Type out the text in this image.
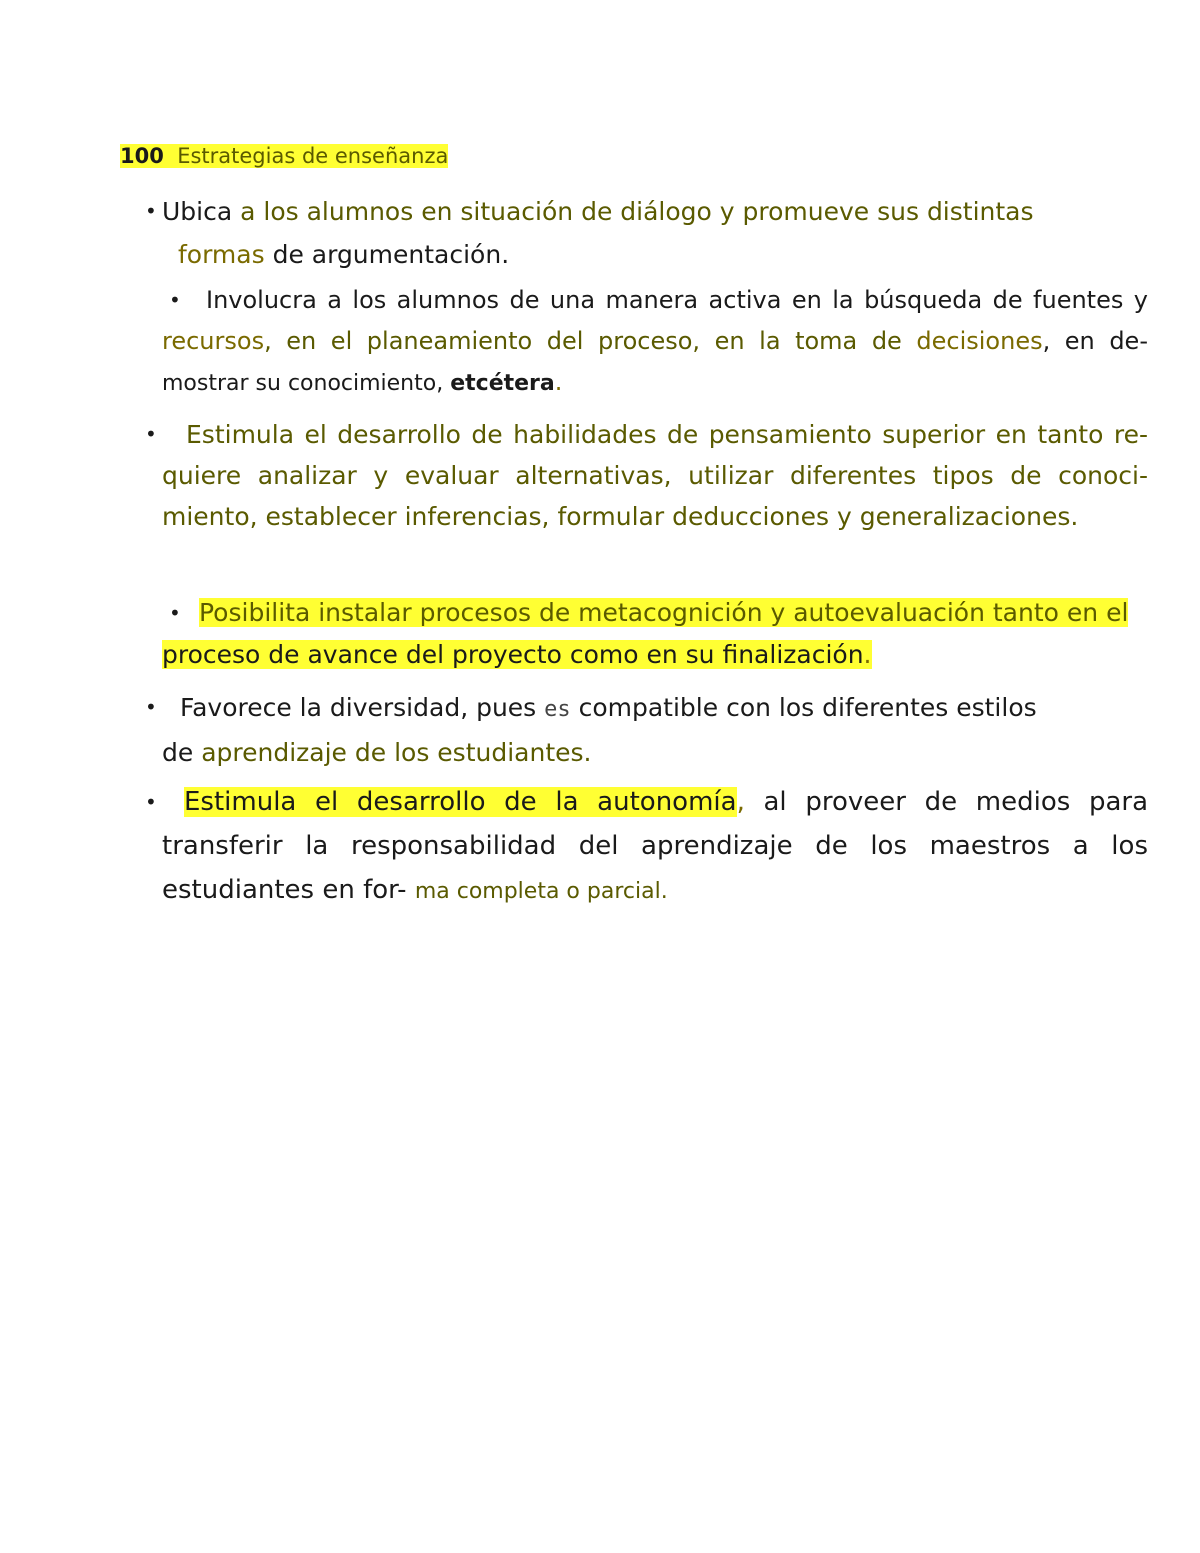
100 Estrategias de enseñanza
• Ubica a los alumnos en situación de diálogo y promueve sus distintas formas de argumentación.
•	Involucra a los alumnos de una manera activa en la búsqueda de fuentes y recursos, en el planeamiento del proceso, en la toma de decisiones, en de- mostrar su conocimiento, etcétera.
•	Estimula el desarrollo de habilidades de pensamiento superior en tanto re- quiere analizar y evaluar alternativas, utilizar diferentes tipos de conoci- miento, establecer inferencias, formular deducciones y generalizaciones.
• Posibilita instalar procesos de metacognición y autoevaluación tanto en el proceso de avance del proyecto como en su finalización.
• Favorece la diversidad, pues es compatible con los diferentes estilos de aprendizaje de los estudiantes.
•	Estimula el desarrollo de la autonomía, al proveer de medios para transferir la responsabilidad del aprendizaje de los maestros a los estudiantes en for- ma completa o parcial.
